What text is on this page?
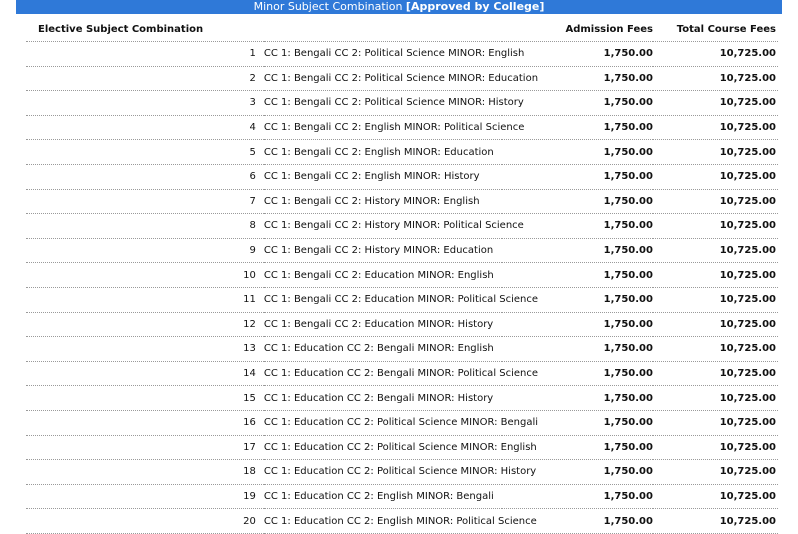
Minor Subject Combination [Approved by College]
Elective Subject Combination		Admission Fees	Total Course Fees
1	CC 1: Bengali CC 2: Political Science MINOR: English	1,750.00	10,725.00
2	CC 1: Bengali CC 2: Political Science MINOR: Education	1,750.00	10,725.00
3	CC 1: Bengali CC 2: Political Science MINOR: History	1,750.00	10,725.00
4	CC 1: Bengali CC 2: English MINOR: Political Science	1,750.00	10,725.00
5	CC 1: Bengali CC 2: English MINOR: Education	1,750.00	10,725.00
6	CC 1: Bengali CC 2: English MINOR: History	1,750.00	10,725.00
7	CC 1: Bengali CC 2: History MINOR: English	1,750.00	10,725.00
8	CC 1: Bengali CC 2: History MINOR: Political Science	1,750.00	10,725.00
9	CC 1: Bengali CC 2: History MINOR: Education	1,750.00	10,725.00
10	CC 1: Bengali CC 2: Education MINOR: English	1,750.00	10,725.00
11	CC 1: Bengali CC 2: Education MINOR: Political Science	1,750.00	10,725.00
12	CC 1: Bengali CC 2: Education MINOR: History	1,750.00	10,725.00
13	CC 1: Education CC 2: Bengali MINOR: English	1,750.00	10,725.00
14	CC 1: Education CC 2: Bengali MINOR: Political Science	1,750.00	10,725.00
15	CC 1: Education CC 2: Bengali MINOR: History	1,750.00	10,725.00
16	CC 1: Education CC 2: Political Science MINOR: Bengali	1,750.00	10,725.00
17	CC 1: Education CC 2: Political Science MINOR: English	1,750.00	10,725.00
18	CC 1: Education CC 2: Political Science MINOR: History	1,750.00	10,725.00
19	CC 1: Education CC 2: English MINOR: Bengali	1,750.00	10,725.00
20	CC 1: Education CC 2: English MINOR: Political Science	1,750.00	10,725.00
